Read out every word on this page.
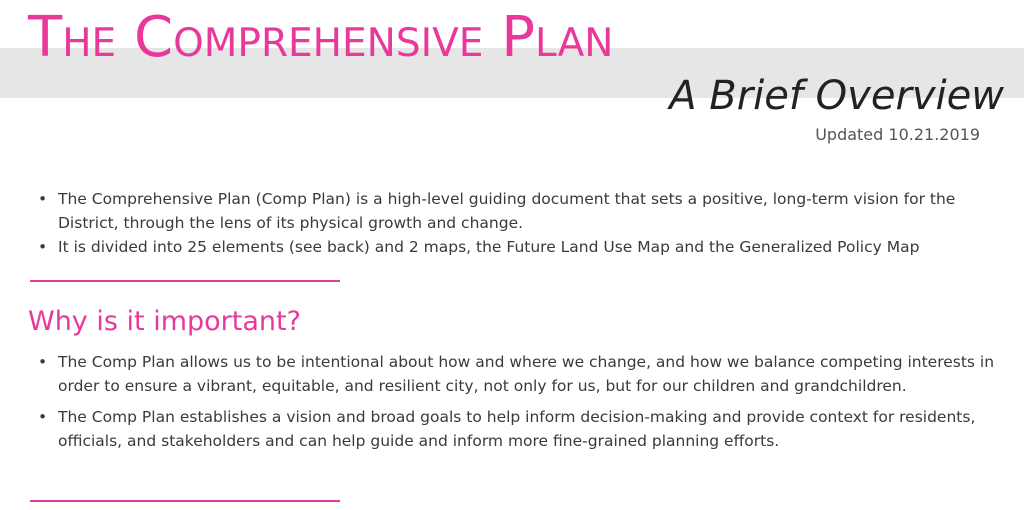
The Comprehensive Plan
A Brief Overview
Updated 10.21.2019
• The Comprehensive Plan (Comp Plan) is a high-level guiding document that sets a positive, long-term vision for the District, through the lens of its physical growth and change.
• It is divided into 25 elements (see back) and 2 maps, the Future Land Use Map and the Generalized Policy Map
Why is it important?
• The Comp Plan allows us to be intentional about how and where we change, and how we balance competing interests in order to ensure a vibrant, equitable, and resilient city, not only for us, but for our children and grandchildren.
• The Comp Plan establishes a vision and broad goals to help inform decision-making and provide context for residents, officials, and stakeholders and can help guide and inform more fine-grained planning efforts.
